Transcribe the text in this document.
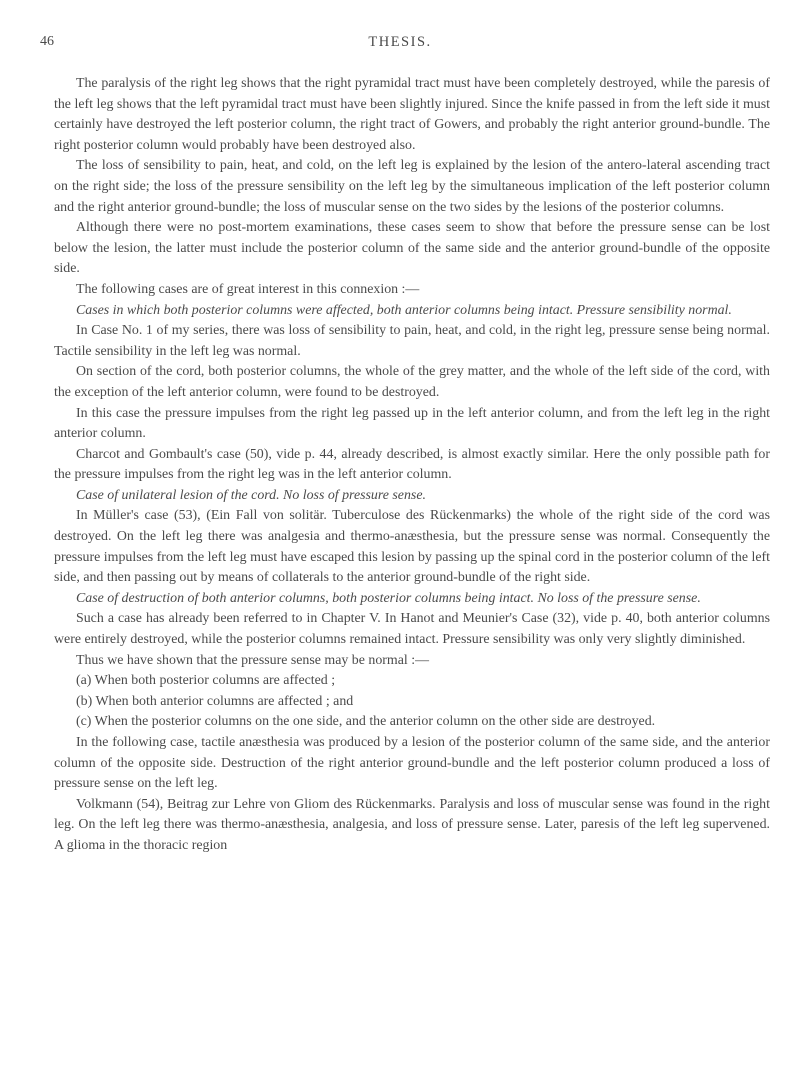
46	THESIS.

The paralysis of the right leg shows that the right pyramidal tract must have been completely destroyed, while the paresis of the left leg shows that the left pyramidal tract must have been slightly injured. Since the knife passed in from the left side it must certainly have destroyed the left posterior column, the right tract of Gowers, and probably the right anterior ground-bundle. The right posterior column would probably have been destroyed also.

The loss of sensibility to pain, heat, and cold, on the left leg is explained by the lesion of the antero-lateral ascending tract on the right side; the loss of the pressure sensibility on the left leg by the simultaneous implication of the left posterior column and the right anterior ground-bundle; the loss of muscular sense on the two sides by the lesions of the posterior columns.

Although there were no post-mortem examinations, these cases seem to show that before the pressure sense can be lost below the lesion, the latter must include the posterior column of the same side and the anterior ground-bundle of the opposite side.

The following cases are of great interest in this connexion :—

Cases in which both posterior columns were affected, both anterior columns being intact. Pressure sensibility normal.

In Case No. 1 of my series, there was loss of sensibility to pain, heat, and cold, in the right leg, pressure sense being normal. Tactile sensibility in the left leg was normal.

On section of the cord, both posterior columns, the whole of the grey matter, and the whole of the left side of the cord, with the exception of the left anterior column, were found to be destroyed.

In this case the pressure impulses from the right leg passed up in the left anterior column, and from the left leg in the right anterior column.

Charcot and Gombault's case (50), vide p. 44, already described, is almost exactly similar. Here the only possible path for the pressure impulses from the right leg was in the left anterior column.

Case of unilateral lesion of the cord. No loss of pressure sense.

In Müller's case (53), (Ein Fall von solitär. Tuberculose des Rückenmarks) the whole of the right side of the cord was destroyed. On the left leg there was analgesia and thermo-anæsthesia, but the pressure sense was normal. Consequently the pressure impulses from the left leg must have escaped this lesion by passing up the spinal cord in the posterior column of the left side, and then passing out by means of collaterals to the anterior ground-bundle of the right side.

Case of destruction of both anterior columns, both posterior columns being intact. No loss of the pressure sense.

Such a case has already been referred to in Chapter V. In Hanot and Meunier's Case (32), vide p. 40, both anterior columns were entirely destroyed, while the posterior columns remained intact. Pressure sensibility was only very slightly diminished.

Thus we have shown that the pressure sense may be normal :—

(a) When both posterior columns are affected ;

(b) When both anterior columns are affected ; and

(c) When the posterior columns on the one side, and the anterior column on the other side are destroyed.

In the following case, tactile anæsthesia was produced by a lesion of the posterior column of the same side, and the anterior column of the opposite side. Destruction of the right anterior ground-bundle and the left posterior column produced a loss of pressure sense on the left leg.

Volkmann (54), Beitrag zur Lehre von Gliom des Rückenmarks. Paralysis and loss of muscular sense was found in the right leg. On the left leg there was thermo-anæsthesia, analgesia, and loss of pressure sense. Later, paresis of the left leg supervened. A glioma in the thoracic region
